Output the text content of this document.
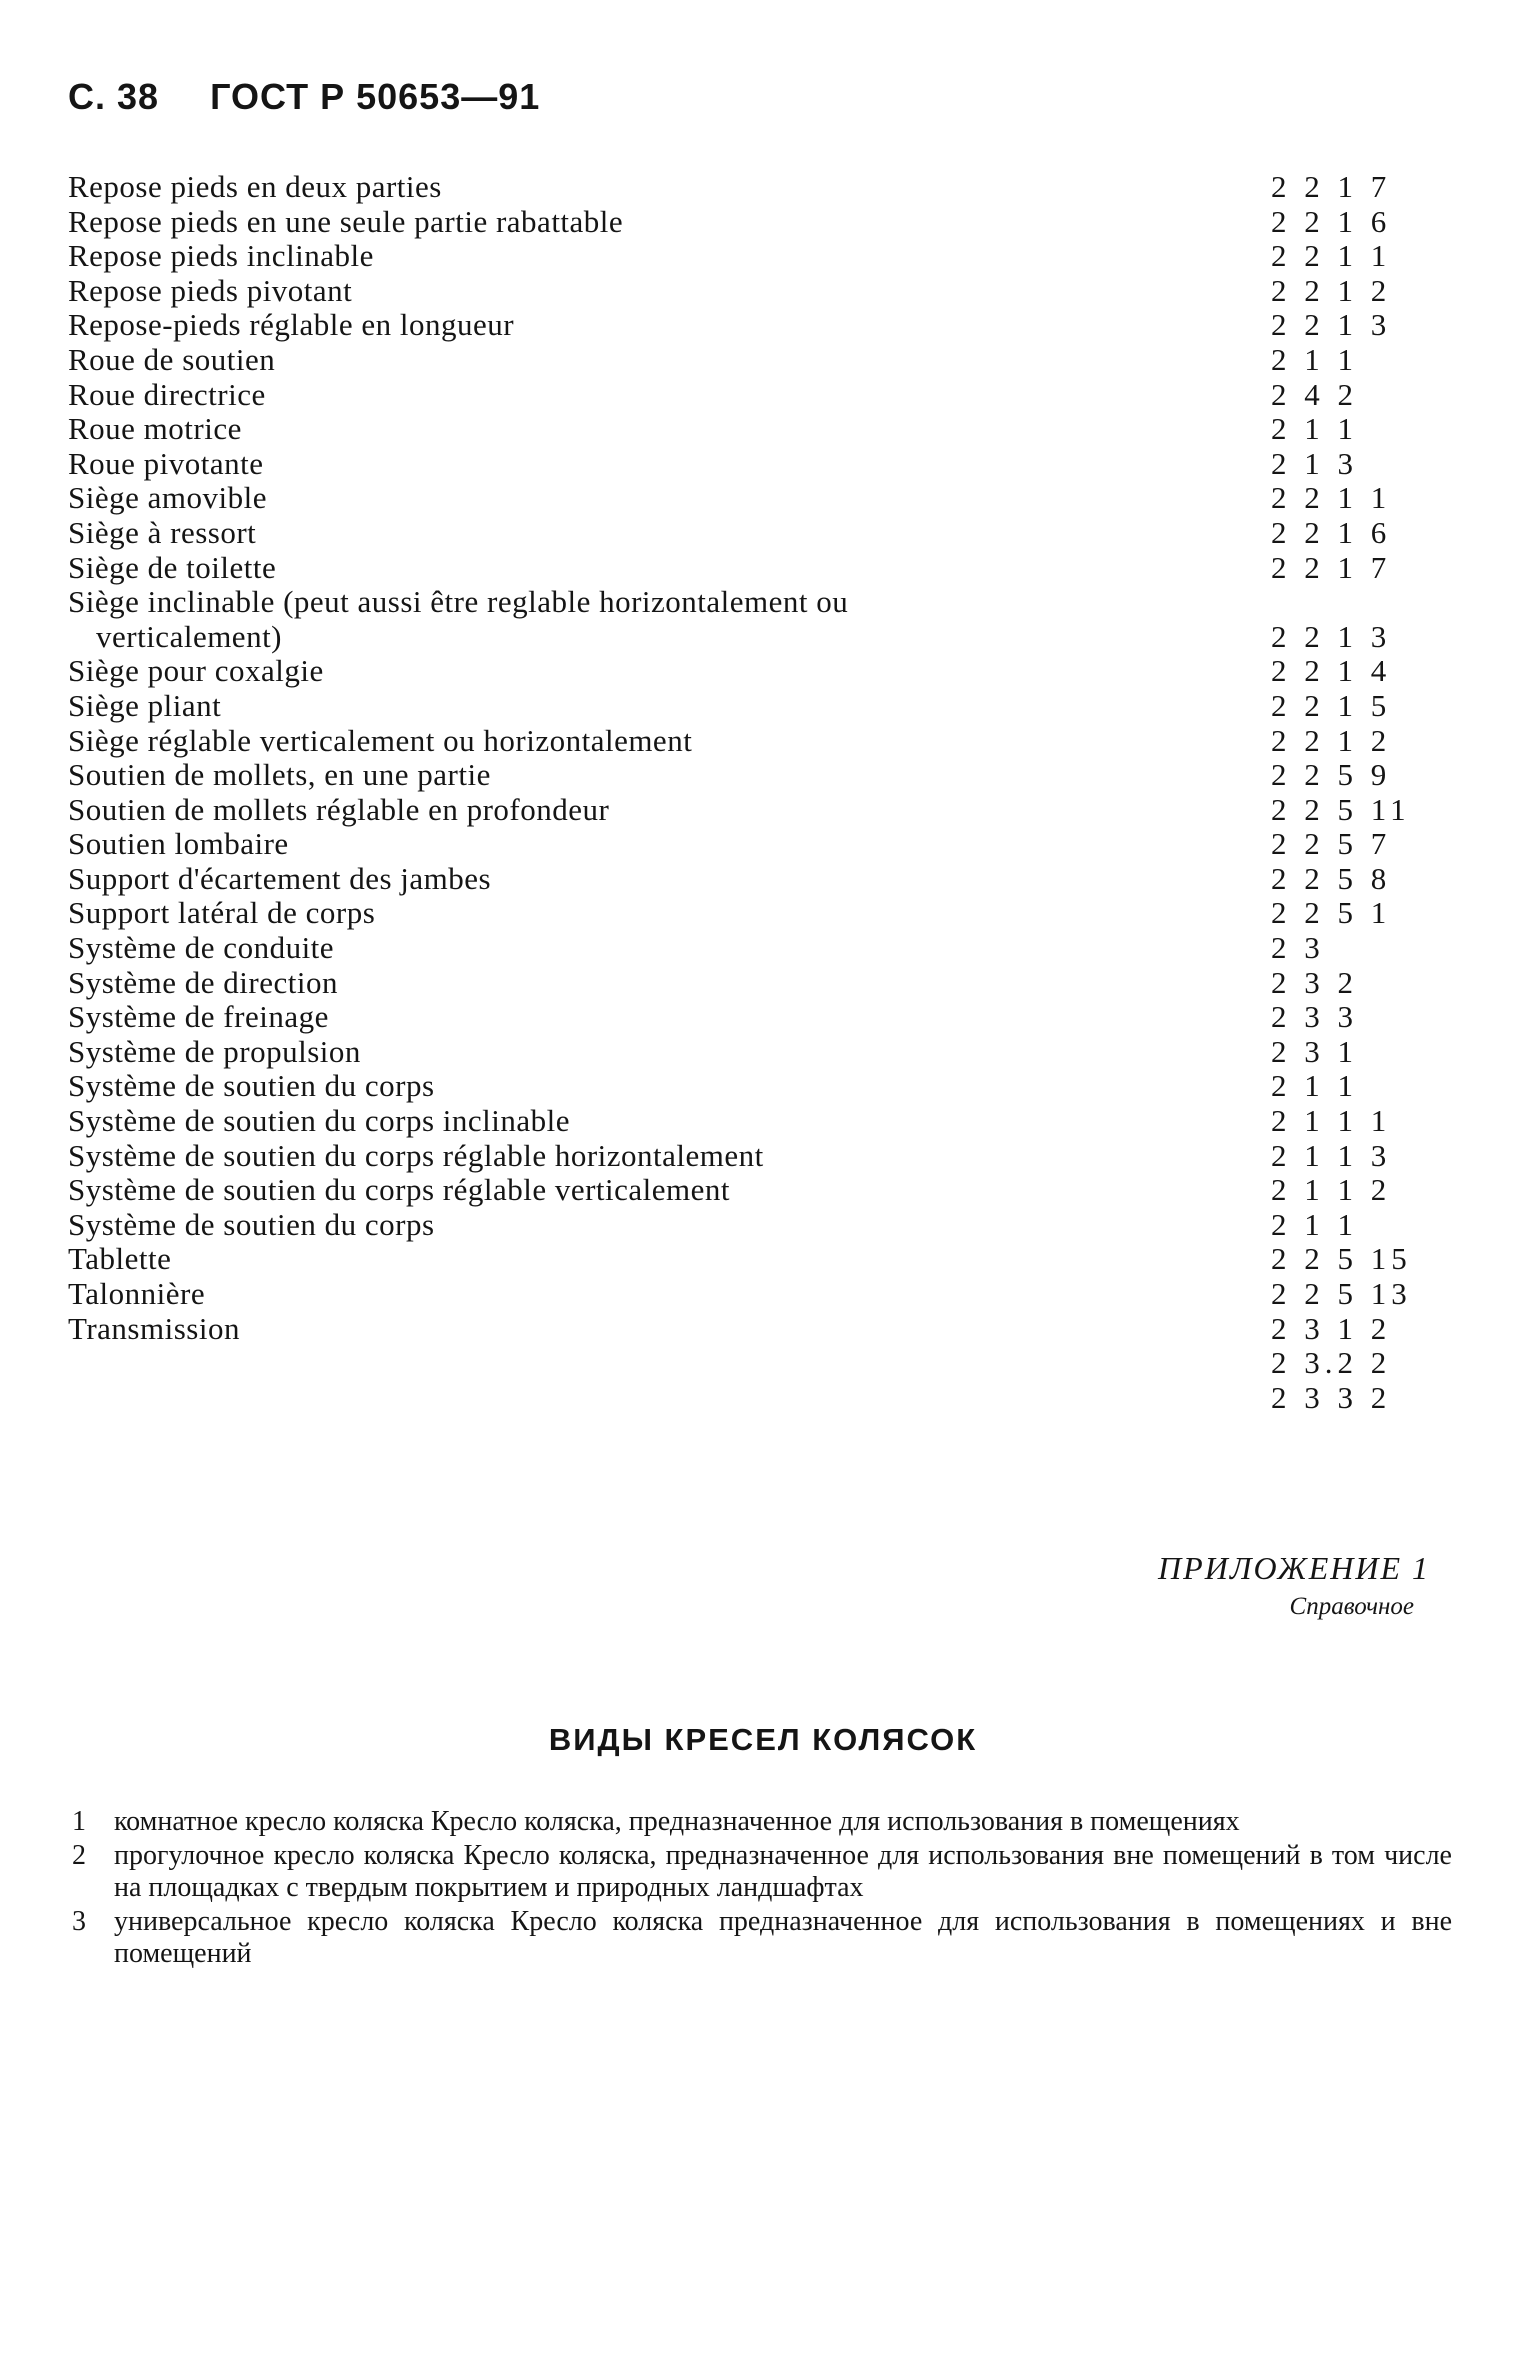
С. 38 ГОСТ Р 50653—91
Repose pieds en deux parties	2 2 1 7
Repose pieds en une seule partie rabattable	2 2 1 6
Repose pieds inclinable	2 2 1 1
Repose pieds pivotant	2 2 1 2
Repose-pieds réglable en longueur	2 2 1 3
Roue de soutien	2 1 1
Roue directrice	2 4 2
Roue motrice	2 1 1
Roue pivotante	2 1 3
Siège amovible	2 2 1 1
Siège à ressort	2 2 1 6
Siège de toilette	2 2 1 7
Siège inclinable (peut aussi être reglable horizontalement ou
verticalement)	2 2 1 3
Siège pour coxalgie	2 2 1 4
Siège pliant	2 2 1 5
Siège réglable verticalement ou horizontalement	2 2 1 2
Soutien de mollets, en une partie	2 2 5 9
Soutien de mollets réglable en profondeur	2 2 5 11
Soutien lombaire	2 2 5 7
Support d'écartement des jambes	2 2 5 8
Support latéral de corps	2 2 5 1
Système de conduite	2 3
Système de direction	2 3 2
Système de freinage	2 3 3
Système de propulsion	2 3 1
Système de soutien du corps	2 1 1
Système de soutien du corps inclinable	2 1 1 1
Système de soutien du corps réglable horizontalement	2 1 1 3
Système de soutien du corps réglable verticalement	2 1 1 2
Système de soutien du corps	2 1 1
Tablette	2 2 5 15
Talonnière	2 2 5 13
Transmission	2 3 1 2
2 3.2 2
2 3 3 2
ПРИЛОЖЕНИЕ 1
Справочное
ВИДЫ КРЕСЕЛ КОЛЯСОК
1 комнатное кресло коляска Кресло коляска, предназначенное для использования в помещениях
2 прогулочное кресло коляска Кресло коляска, предназначенное для использования вне помещений в том числе на площадках с твердым покрытием и природных ландшафтах
3 универсальное кресло коляска Кресло коляска предназначенное для использования в помещениях и вне помещений
